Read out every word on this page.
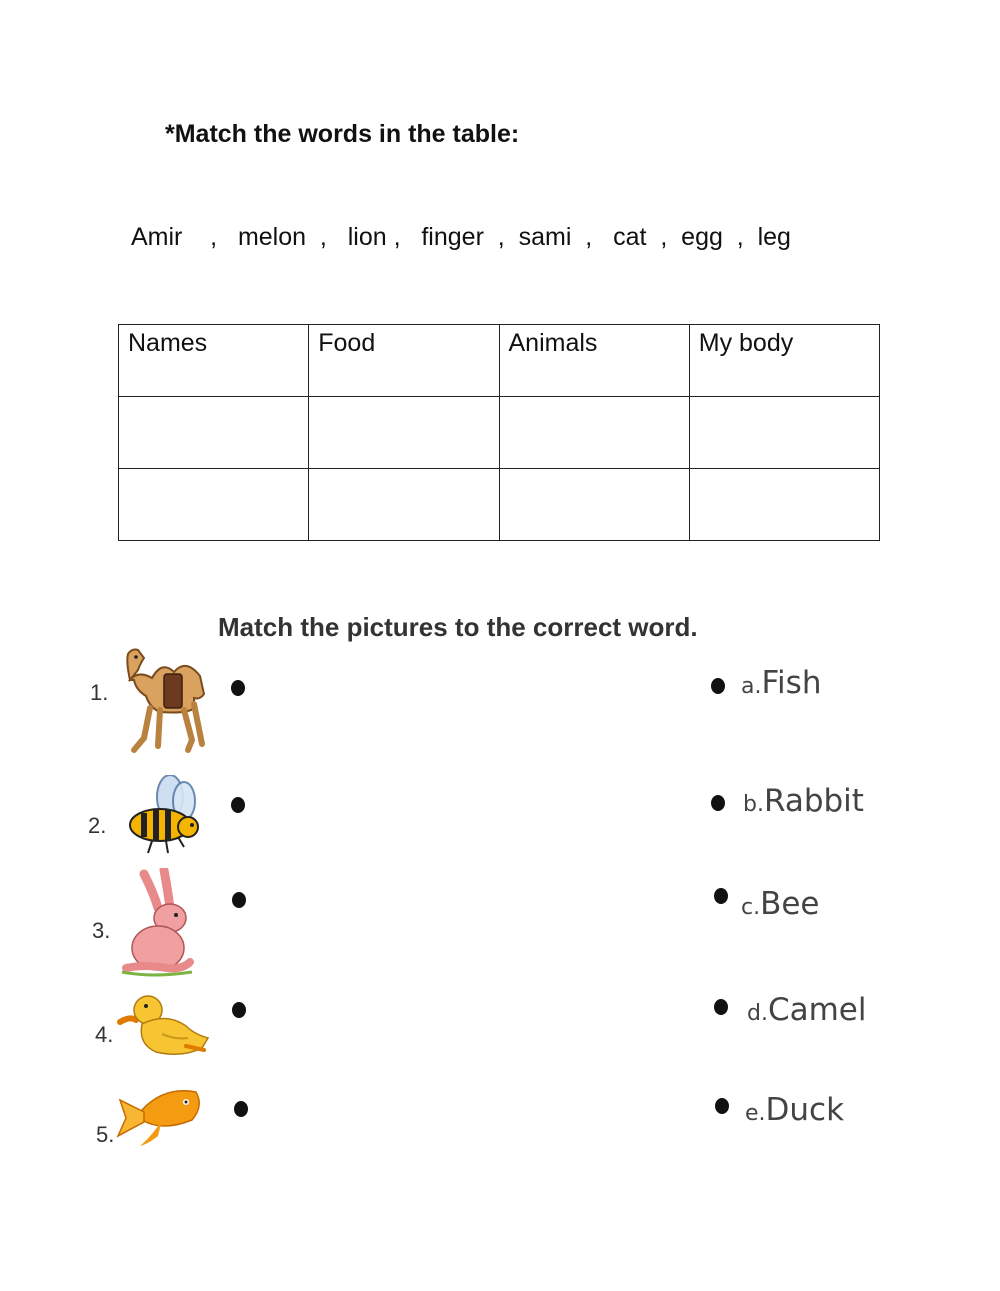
*Match the words in the table:
Amir    ,   melon  ,   lion ,   finger  ,  sami  ,   cat  ,  egg  ,  leg
Names	Food	Animals	My body

Match the pictures to the correct word.
1.
2.
3.
4.
5.
a.Fish
b.Rabbit
c.Bee
d.Camel
e.Duck
